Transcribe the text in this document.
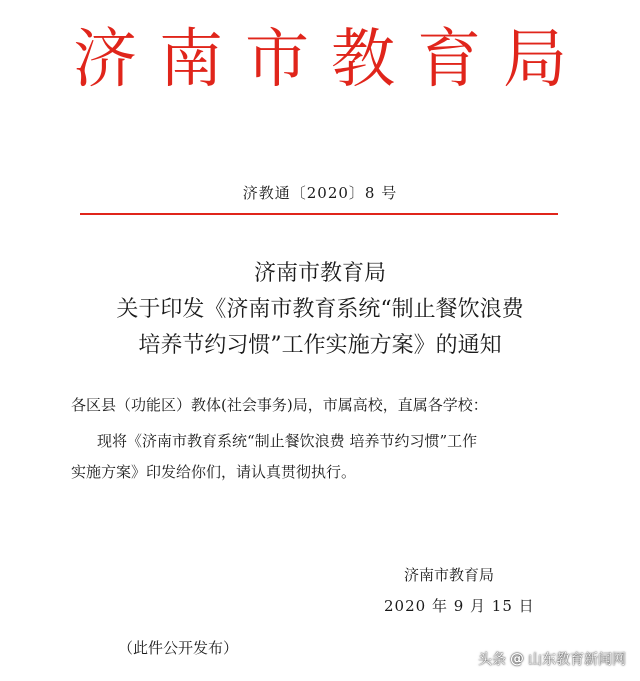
济南市教育局
济教通〔2020〕8 号
济南市教育局
关于印发《济南市教育系统“制止餐饮浪费
培养节约习惯”工作实施方案》的通知
各区县（功能区）教体(社会事务)局，市属高校，直属各学校：
现将《济南市教育系统“制止餐饮浪费 培养节约习惯”工作
实施方案》印发给你们，请认真贯彻执行。
济南市教育局
2020 年 9 月 15 日
（此件公开发布）
头条 @ 山东教育新闻网
